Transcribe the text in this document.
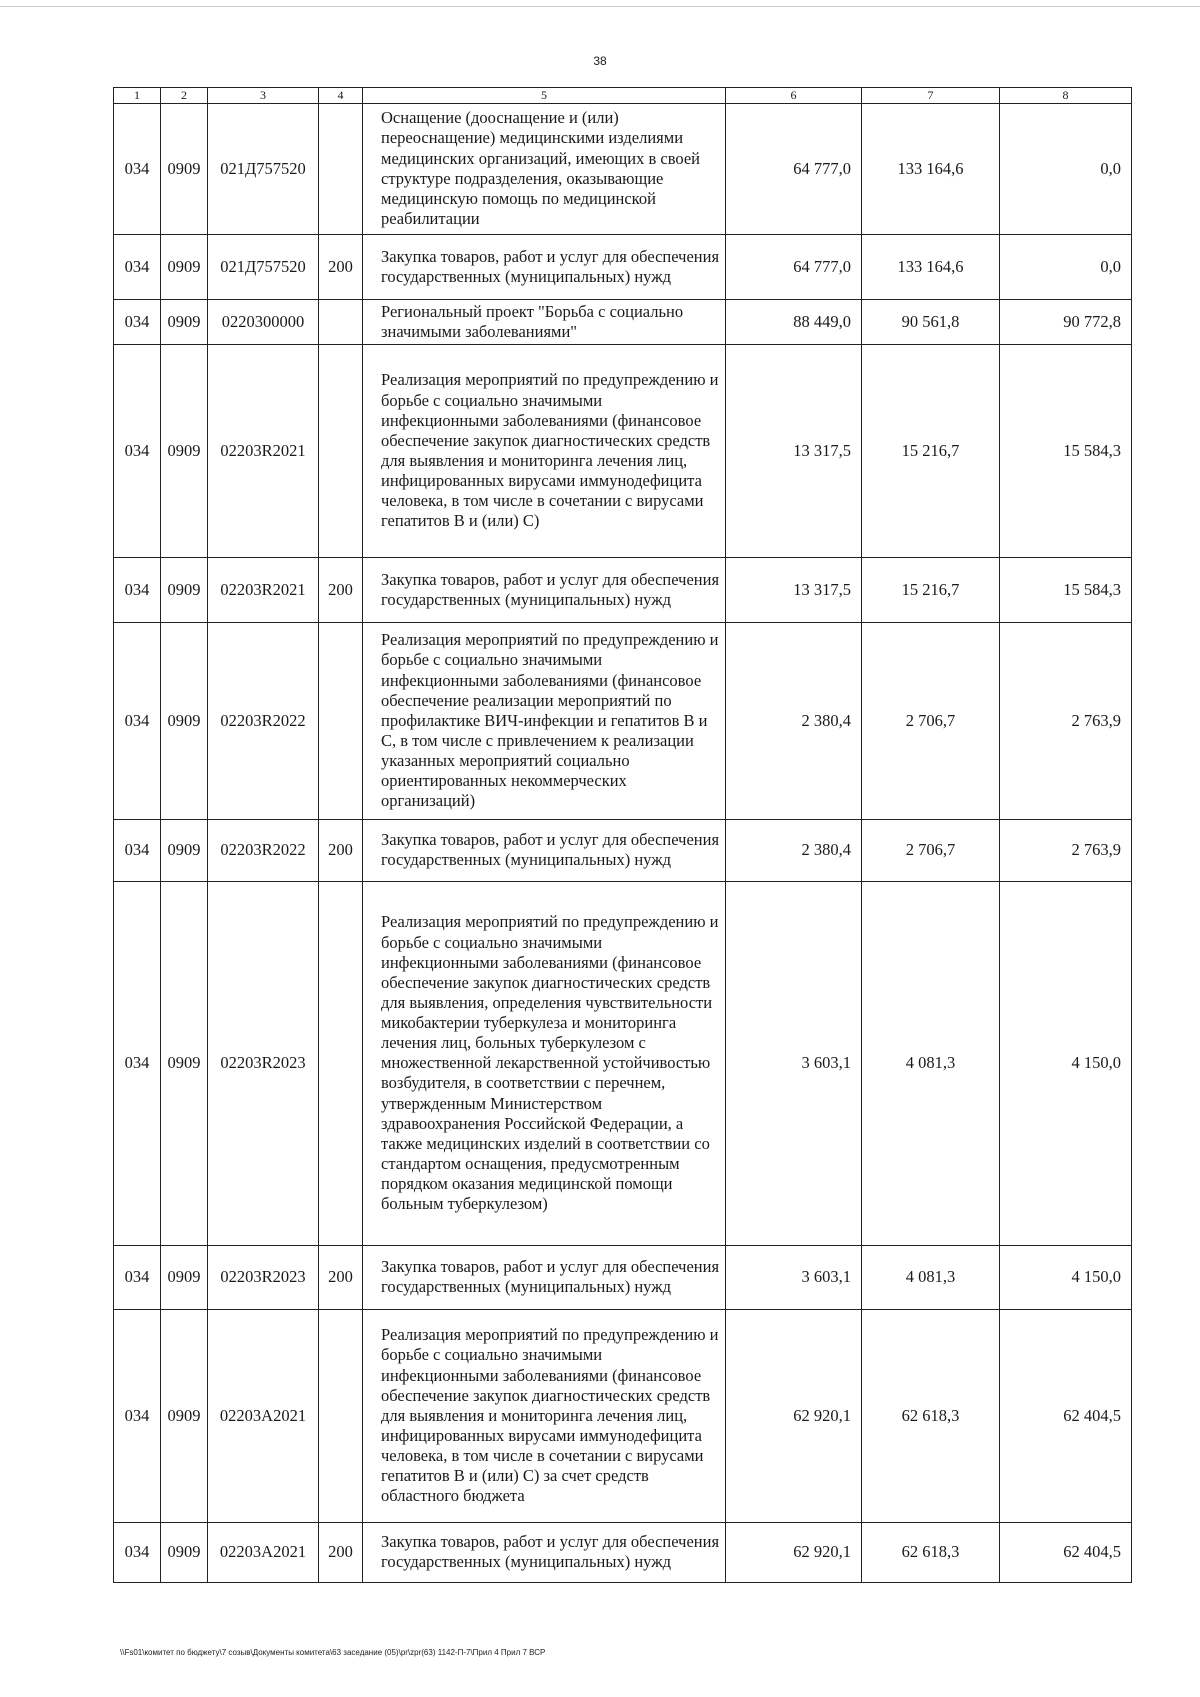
38
1	2	3	4	5	6	7	8
034	0909	021Д757520		Оснащение (дооснащение и (или) переоснащение) медицинскими изделиями медицинских организаций, имеющих в своей структуре подразделения, оказывающие медицинскую помощь по медицинской реабилитации	64 777,0	133 164,6	0,0
034	0909	021Д757520	200	Закупка товаров, работ и услуг для обеспечения государственных (муниципальных) нужд	64 777,0	133 164,6	0,0
034	0909	0220300000		Региональный проект "Борьба с социально значимыми заболеваниями"	88 449,0	90 561,8	90 772,8
034	0909	02203R2021		Реализация мероприятий по предупреждению и борьбе с социально значимыми инфекционными заболеваниями (финансовое обеспечение закупок диагностических средств для выявления и мониторинга лечения лиц, инфицированных вирусами иммунодефицита человека, в том числе в сочетании с вирусами гепатитов В и (или) С)	13 317,5	15 216,7	15 584,3
034	0909	02203R2021	200	Закупка товаров, работ и услуг для обеспечения государственных (муниципальных) нужд	13 317,5	15 216,7	15 584,3
034	0909	02203R2022		Реализация мероприятий по предупреждению и борьбе с социально значимыми инфекционными заболеваниями (финансовое обеспечение реализации мероприятий по профилактике ВИЧ-инфекции и гепатитов В и С, в том числе с привлечением к реализации указанных мероприятий социально ориентированных некоммерческих организаций)	2 380,4	2 706,7	2 763,9
034	0909	02203R2022	200	Закупка товаров, работ и услуг для обеспечения государственных (муниципальных) нужд	2 380,4	2 706,7	2 763,9
034	0909	02203R2023		Реализация мероприятий по предупреждению и борьбе с социально значимыми инфекционными заболеваниями (финансовое обеспечение закупок диагностических средств для выявления, определения чувствительности микобактерии туберкулеза и мониторинга лечения лиц, больных туберкулезом с множественной лекарственной устойчивостью возбудителя, в соответствии с перечнем, утвержденным Министерством здравоохранения Российской Федерации, а также медицинских изделий в соответствии со стандартом оснащения, предусмотренным порядком оказания медицинской помощи больным туберкулезом)	3 603,1	4 081,3	4 150,0
034	0909	02203R2023	200	Закупка товаров, работ и услуг для обеспечения государственных (муниципальных) нужд	3 603,1	4 081,3	4 150,0
034	0909	02203A2021		Реализация мероприятий по предупреждению и борьбе с социально значимыми инфекционными заболеваниями (финансовое обеспечение закупок диагностических средств для выявления и мониторинга лечения лиц, инфицированных вирусами иммунодефицита человека, в том числе в сочетании с вирусами гепатитов В и (или) С) за счет средств областного бюджета	62 920,1	62 618,3	62 404,5
034	0909	02203A2021	200	Закупка товаров, работ и услуг для обеспечения государственных (муниципальных) нужд	62 920,1	62 618,3	62 404,5
\\Fs01\комитет по бюджету\7 созыв\Документы комитета\63 заседание (05)\pr\zpr(63) 1142-П-7\Прил 4 Прил 7 ВСР
